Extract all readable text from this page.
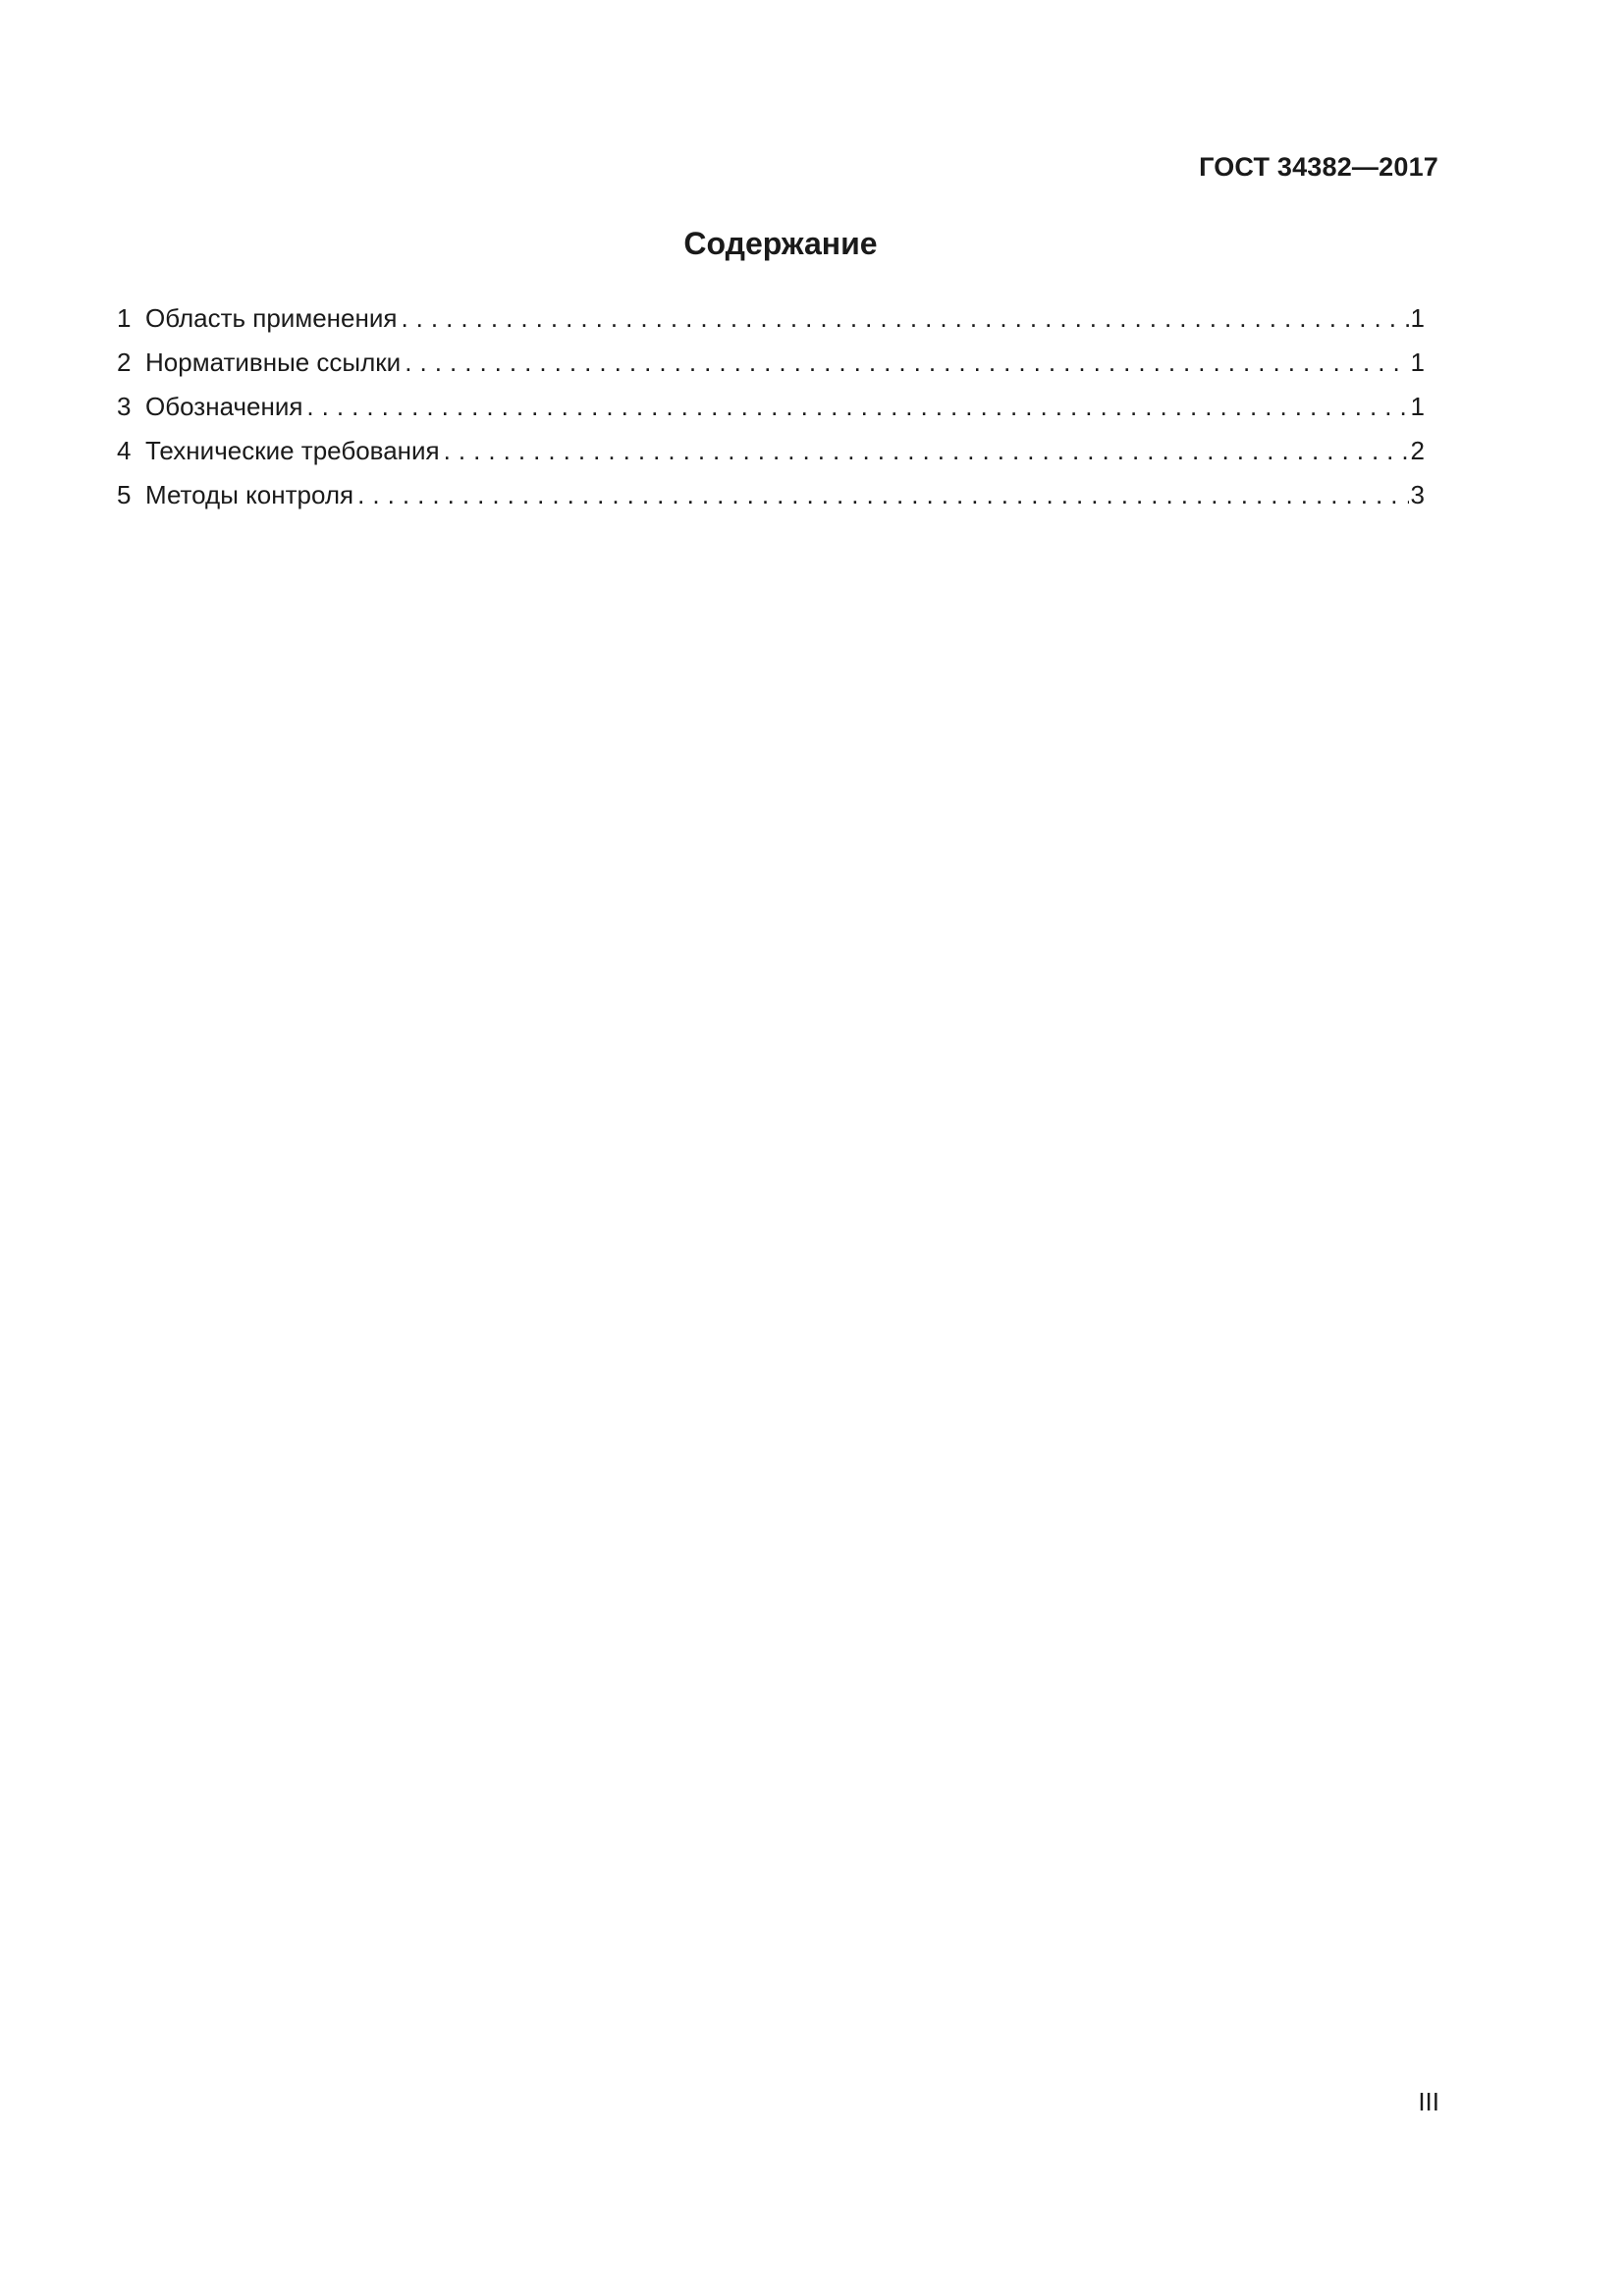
ГОСТ 34382—2017
Содержание
1 Область применения . . .	1
2 Нормативные ссылки . . .	1
3 Обозначения . . .	1
4 Технические требования . . .	2
5 Методы контроля . . .	3
III
